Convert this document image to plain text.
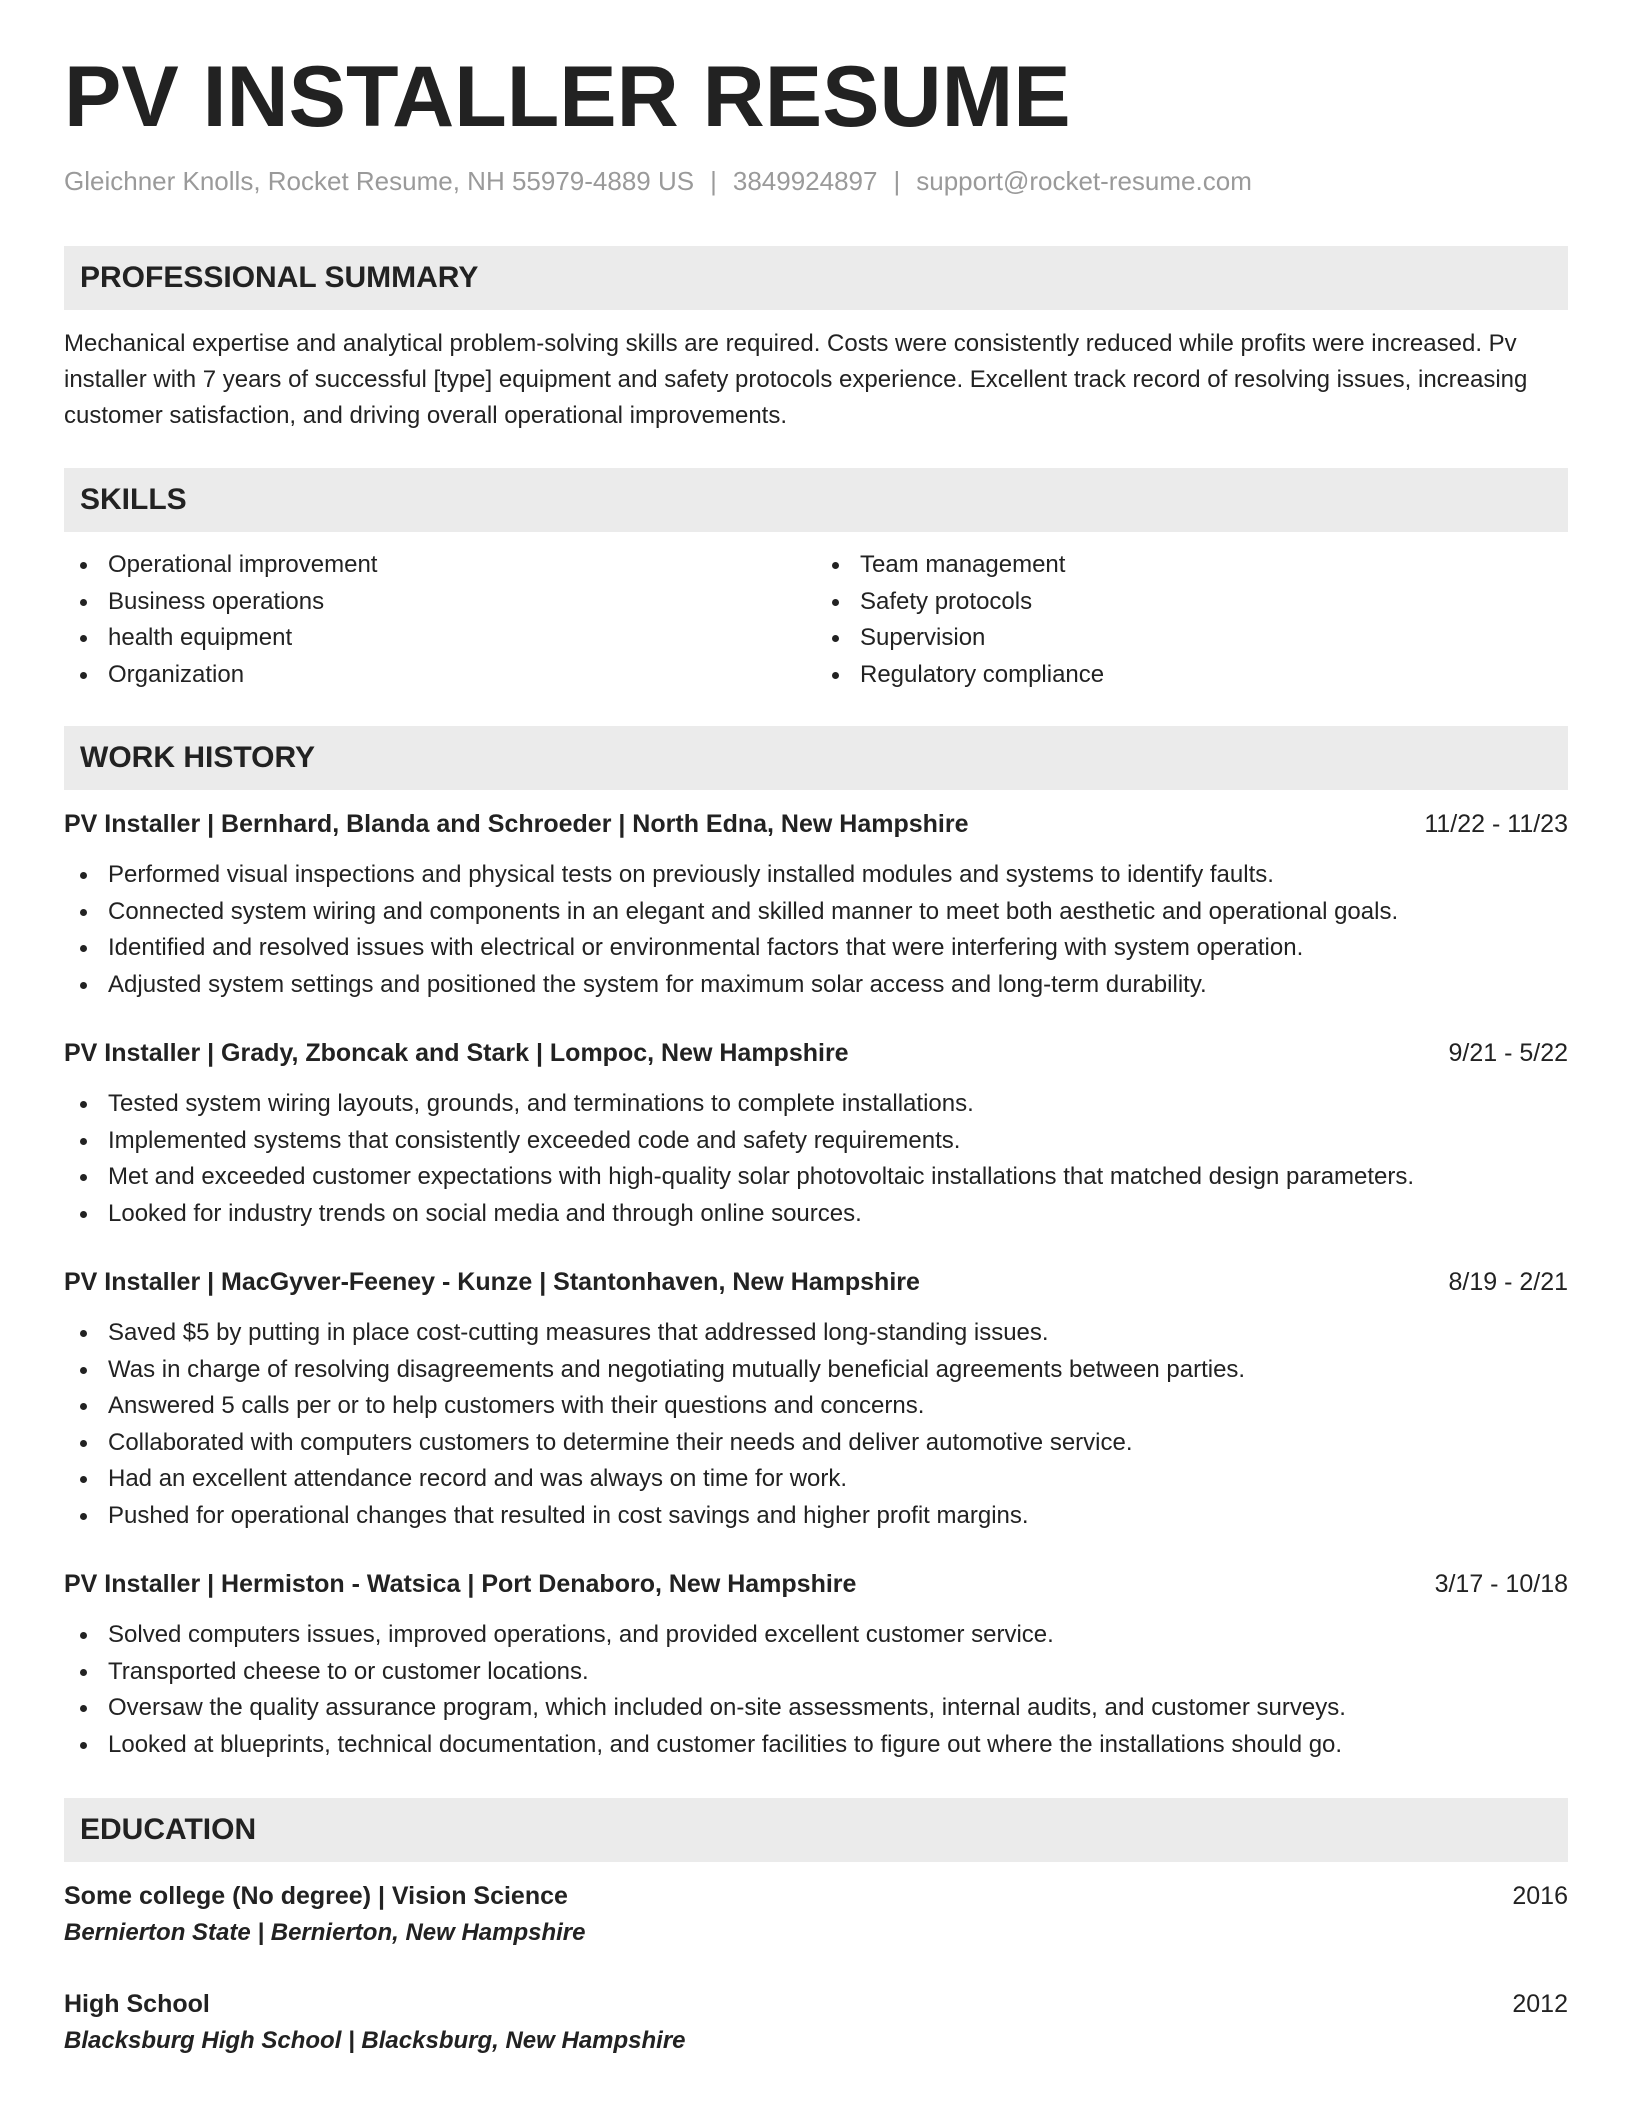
PV INSTALLER RESUME
Gleichner Knolls, Rocket Resume, NH 55979-4889 US | 3849924897 | support@rocket-resume.com
PROFESSIONAL SUMMARY
Mechanical expertise and analytical problem-solving skills are required. Costs were consistently reduced while profits were increased. Pv installer with 7 years of successful [type] equipment and safety protocols experience. Excellent track record of resolving issues, increasing customer satisfaction, and driving overall operational improvements.
SKILLS
Operational improvement
Business operations
health equipment
Organization
Team management
Safety protocols
Supervision
Regulatory compliance
WORK HISTORY
PV Installer | Bernhard, Blanda and Schroeder | North Edna, New Hampshire	11/22 - 11/23
Performed visual inspections and physical tests on previously installed modules and systems to identify faults.
Connected system wiring and components in an elegant and skilled manner to meet both aesthetic and operational goals.
Identified and resolved issues with electrical or environmental factors that were interfering with system operation.
Adjusted system settings and positioned the system for maximum solar access and long-term durability.
PV Installer | Grady, Zboncak and Stark | Lompoc, New Hampshire	9/21 - 5/22
Tested system wiring layouts, grounds, and terminations to complete installations.
Implemented systems that consistently exceeded code and safety requirements.
Met and exceeded customer expectations with high-quality solar photovoltaic installations that matched design parameters.
Looked for industry trends on social media and through online sources.
PV Installer | MacGyver-Feeney - Kunze | Stantonhaven, New Hampshire	8/19 - 2/21
Saved $5 by putting in place cost-cutting measures that addressed long-standing issues.
Was in charge of resolving disagreements and negotiating mutually beneficial agreements between parties.
Answered 5 calls per or to help customers with their questions and concerns.
Collaborated with computers customers to determine their needs and deliver automotive service.
Had an excellent attendance record and was always on time for work.
Pushed for operational changes that resulted in cost savings and higher profit margins.
PV Installer | Hermiston - Watsica | Port Denaboro, New Hampshire	3/17 - 10/18
Solved computers issues, improved operations, and provided excellent customer service.
Transported cheese to or customer locations.
Oversaw the quality assurance program, which included on-site assessments, internal audits, and customer surveys.
Looked at blueprints, technical documentation, and customer facilities to figure out where the installations should go.
EDUCATION
Some college (No degree) | Vision Science	2016
Bernierton State | Bernierton, New Hampshire
High School	2012
Blacksburg High School | Blacksburg, New Hampshire
